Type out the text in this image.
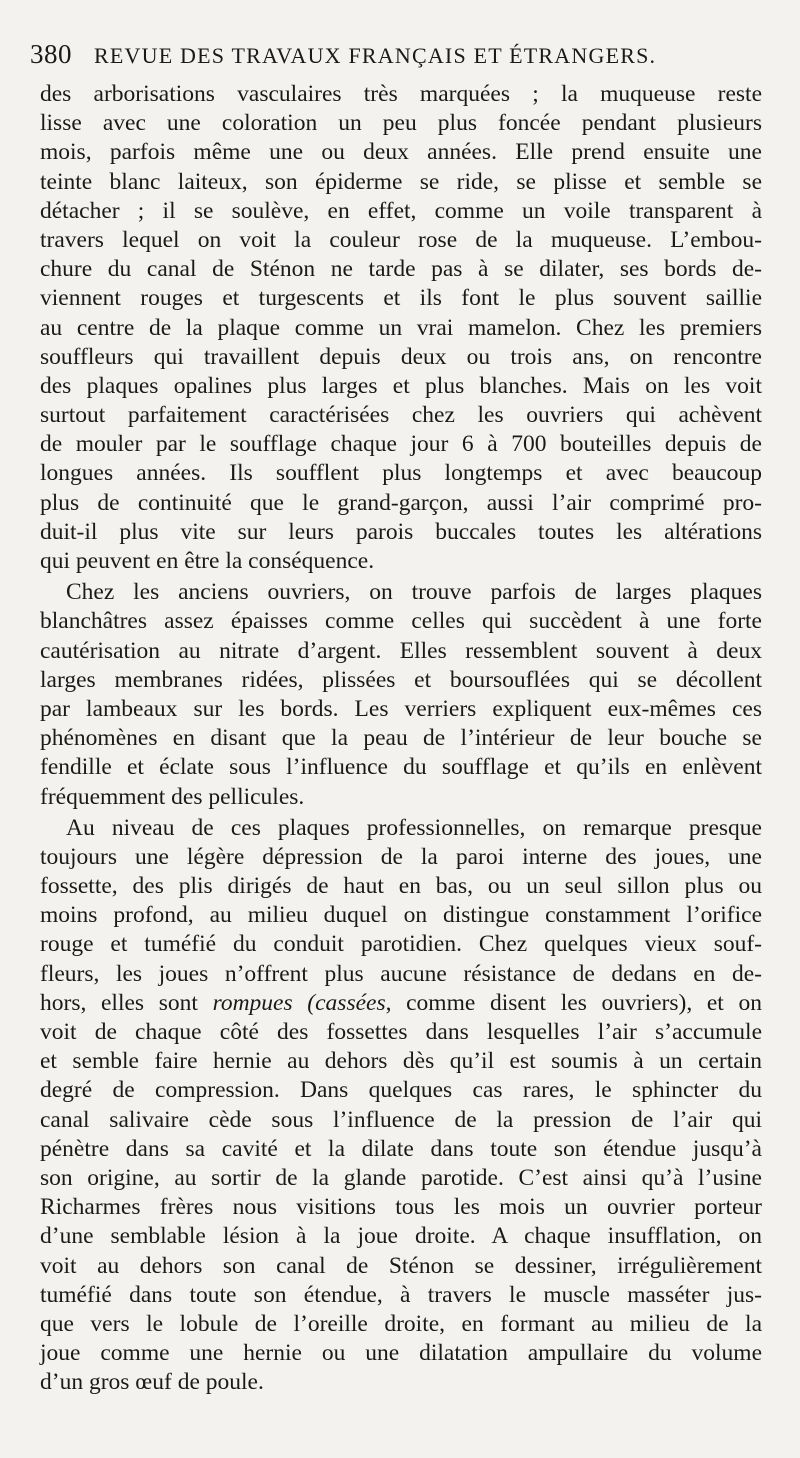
380 REVUE DES TRAVAUX FRANÇAIS ET ÉTRANGERS.
des arborisations vasculaires très marquées ; la muqueuse reste
lisse avec une coloration un peu plus foncée pendant plusieurs
mois, parfois même une ou deux années. Elle prend ensuite une
teinte blanc laiteux, son épiderme se ride, se plisse et semble se
détacher ; il se soulève, en effet, comme un voile transparent à
travers lequel on voit la couleur rose de la muqueuse. L’embou-
chure du canal de Sténon ne tarde pas à se dilater, ses bords de-
viennent rouges et turgescents et ils font le plus souvent saillie
au centre de la plaque comme un vrai mamelon. Chez les premiers
souffleurs qui travaillent depuis deux ou trois ans, on rencontre
des plaques opalines plus larges et plus blanches. Mais on les voit
surtout parfaitement caractérisées chez les ouvriers qui achèvent
de mouler par le soufflage chaque jour 6 à 700 bouteilles depuis de
longues années. Ils soufflent plus longtemps et avec beaucoup
plus de continuité que le grand-garçon, aussi l’air comprimé pro-
duit-il plus vite sur leurs parois buccales toutes les altérations
qui peuvent en être la conséquence.
Chez les anciens ouvriers, on trouve parfois de larges plaques
blanchâtres assez épaisses comme celles qui succèdent à une forte
cautérisation au nitrate d’argent. Elles ressemblent souvent à deux
larges membranes ridées, plissées et boursouflées qui se décollent
par lambeaux sur les bords. Les verriers expliquent eux-mêmes ces
phénomènes en disant que la peau de l’intérieur de leur bouche se
fendille et éclate sous l’influence du soufflage et qu’ils en enlèvent
fréquemment des pellicules.
Au niveau de ces plaques professionnelles, on remarque presque
toujours une légère dépression de la paroi interne des joues, une
fossette, des plis dirigés de haut en bas, ou un seul sillon plus ou
moins profond, au milieu duquel on distingue constamment l’orifice
rouge et tuméfié du conduit parotidien. Chez quelques vieux souf-
fleurs, les joues n’offrent plus aucune résistance de dedans en de-
hors, elles sont rompues (cassées, comme disent les ouvriers), et on
voit de chaque côté des fossettes dans lesquelles l’air s’accumule
et semble faire hernie au dehors dès qu’il est soumis à un certain
degré de compression. Dans quelques cas rares, le sphincter du
canal salivaire cède sous l’influence de la pression de l’air qui
pénètre dans sa cavité et la dilate dans toute son étendue jusqu’à
son origine, au sortir de la glande parotide. C’est ainsi qu’à l’usine
Richarmes frères nous visitions tous les mois un ouvrier porteur
d’une semblable lésion à la joue droite. A chaque insufflation, on
voit au dehors son canal de Sténon se dessiner, irrégulièrement
tuméfié dans toute son étendue, à travers le muscle masséter jus-
que vers le lobule de l’oreille droite, en formant au milieu de la
joue comme une hernie ou une dilatation ampullaire du volume
d’un gros œuf de poule.
